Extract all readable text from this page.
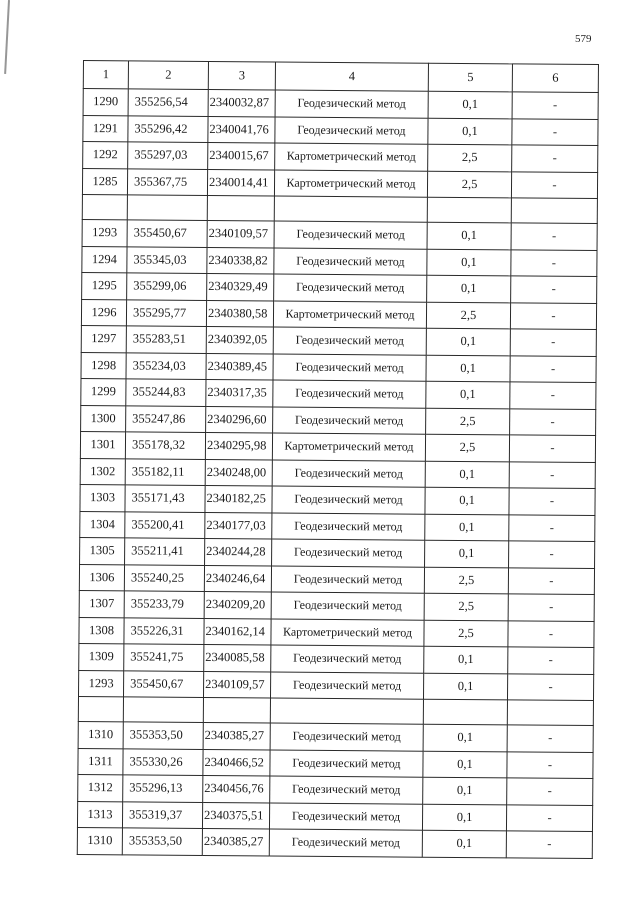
579
1	2	3	4	5	6
1290	355256,54	2340032,87	Геодезический метод	0,1	-
1291	355296,42	2340041,76	Геодезический метод	0,1	-
1292	355297,03	2340015,67	Картометрический метод	2,5	-
1285	355367,75	2340014,41	Картометрический метод	2,5	-

1293	355450,67	2340109,57	Геодезический метод	0,1	-
1294	355345,03	2340338,82	Геодезический метод	0,1	-
1295	355299,06	2340329,49	Геодезический метод	0,1	-
1296	355295,77	2340380,58	Картометрический метод	2,5	-
1297	355283,51	2340392,05	Геодезический метод	0,1	-
1298	355234,03	2340389,45	Геодезический метод	0,1	-
1299	355244,83	2340317,35	Геодезический метод	0,1	-
1300	355247,86	2340296,60	Геодезический метод	2,5	-
1301	355178,32	2340295,98	Картометрический метод	2,5	-
1302	355182,11	2340248,00	Геодезический метод	0,1	-
1303	355171,43	2340182,25	Геодезический метод	0,1	-
1304	355200,41	2340177,03	Геодезический метод	0,1	-
1305	355211,41	2340244,28	Геодезический метод	0,1	-
1306	355240,25	2340246,64	Геодезический метод	2,5	-
1307	355233,79	2340209,20	Геодезический метод	2,5	-
1308	355226,31	2340162,14	Картометрический метод	2,5	-
1309	355241,75	2340085,58	Геодезический метод	0,1	-
1293	355450,67	2340109,57	Геодезический метод	0,1	-

1310	355353,50	2340385,27	Геодезический метод	0,1	-
1311	355330,26	2340466,52	Геодезический метод	0,1	-
1312	355296,13	2340456,76	Геодезический метод	0,1	-
1313	355319,37	2340375,51	Геодезический метод	0,1	-
1310	355353,50	2340385,27	Геодезический метод	0,1	-
